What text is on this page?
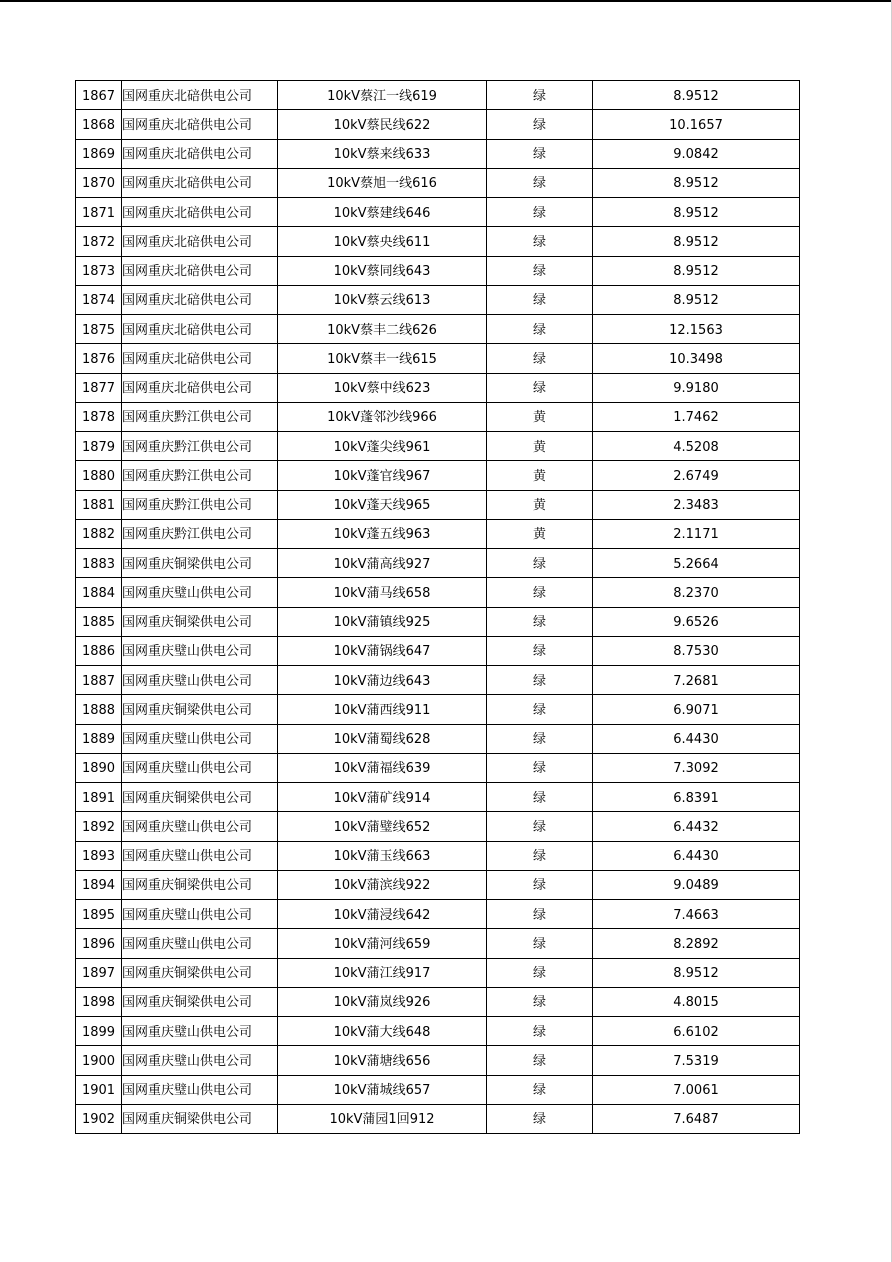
1867	国网重庆北碚供电公司	10kV蔡江一线619	绿	8.9512
1868	国网重庆北碚供电公司	10kV蔡民线622	绿	10.1657
1869	国网重庆北碚供电公司	10kV蔡来线633	绿	9.0842
1870	国网重庆北碚供电公司	10kV蔡旭一线616	绿	8.9512
1871	国网重庆北碚供电公司	10kV蔡建线646	绿	8.9512
1872	国网重庆北碚供电公司	10kV蔡央线611	绿	8.9512
1873	国网重庆北碚供电公司	10kV蔡同线643	绿	8.9512
1874	国网重庆北碚供电公司	10kV蔡云线613	绿	8.9512
1875	国网重庆北碚供电公司	10kV蔡丰二线626	绿	12.1563
1876	国网重庆北碚供电公司	10kV蔡丰一线615	绿	10.3498
1877	国网重庆北碚供电公司	10kV蔡中线623	绿	9.9180
1878	国网重庆黔江供电公司	10kV蓬邻沙线966	黄	1.7462
1879	国网重庆黔江供电公司	10kV蓬尖线961	黄	4.5208
1880	国网重庆黔江供电公司	10kV蓬官线967	黄	2.6749
1881	国网重庆黔江供电公司	10kV蓬天线965	黄	2.3483
1882	国网重庆黔江供电公司	10kV蓬五线963	黄	2.1171
1883	国网重庆铜梁供电公司	10kV蒲高线927	绿	5.2664
1884	国网重庆璧山供电公司	10kV蒲马线658	绿	8.2370
1885	国网重庆铜梁供电公司	10kV蒲镇线925	绿	9.6526
1886	国网重庆璧山供电公司	10kV蒲锅线647	绿	8.7530
1887	国网重庆璧山供电公司	10kV蒲边线643	绿	7.2681
1888	国网重庆铜梁供电公司	10kV蒲西线911	绿	6.9071
1889	国网重庆璧山供电公司	10kV蒲蜀线628	绿	6.4430
1890	国网重庆璧山供电公司	10kV蒲福线639	绿	7.3092
1891	国网重庆铜梁供电公司	10kV蒲矿线914	绿	6.8391
1892	国网重庆璧山供电公司	10kV蒲璧线652	绿	6.4432
1893	国网重庆璧山供电公司	10kV蒲玉线663	绿	6.4430
1894	国网重庆铜梁供电公司	10kV蒲滨线922	绿	9.0489
1895	国网重庆璧山供电公司	10kV蒲浸线642	绿	7.4663
1896	国网重庆璧山供电公司	10kV蒲河线659	绿	8.2892
1897	国网重庆铜梁供电公司	10kV蒲江线917	绿	8.9512
1898	国网重庆铜梁供电公司	10kV蒲岚线926	绿	4.8015
1899	国网重庆璧山供电公司	10kV蒲大线648	绿	6.6102
1900	国网重庆璧山供电公司	10kV蒲塘线656	绿	7.5319
1901	国网重庆璧山供电公司	10kV蒲城线657	绿	7.0061
1902	国网重庆铜梁供电公司	10kV蒲园1回912	绿	7.6487
